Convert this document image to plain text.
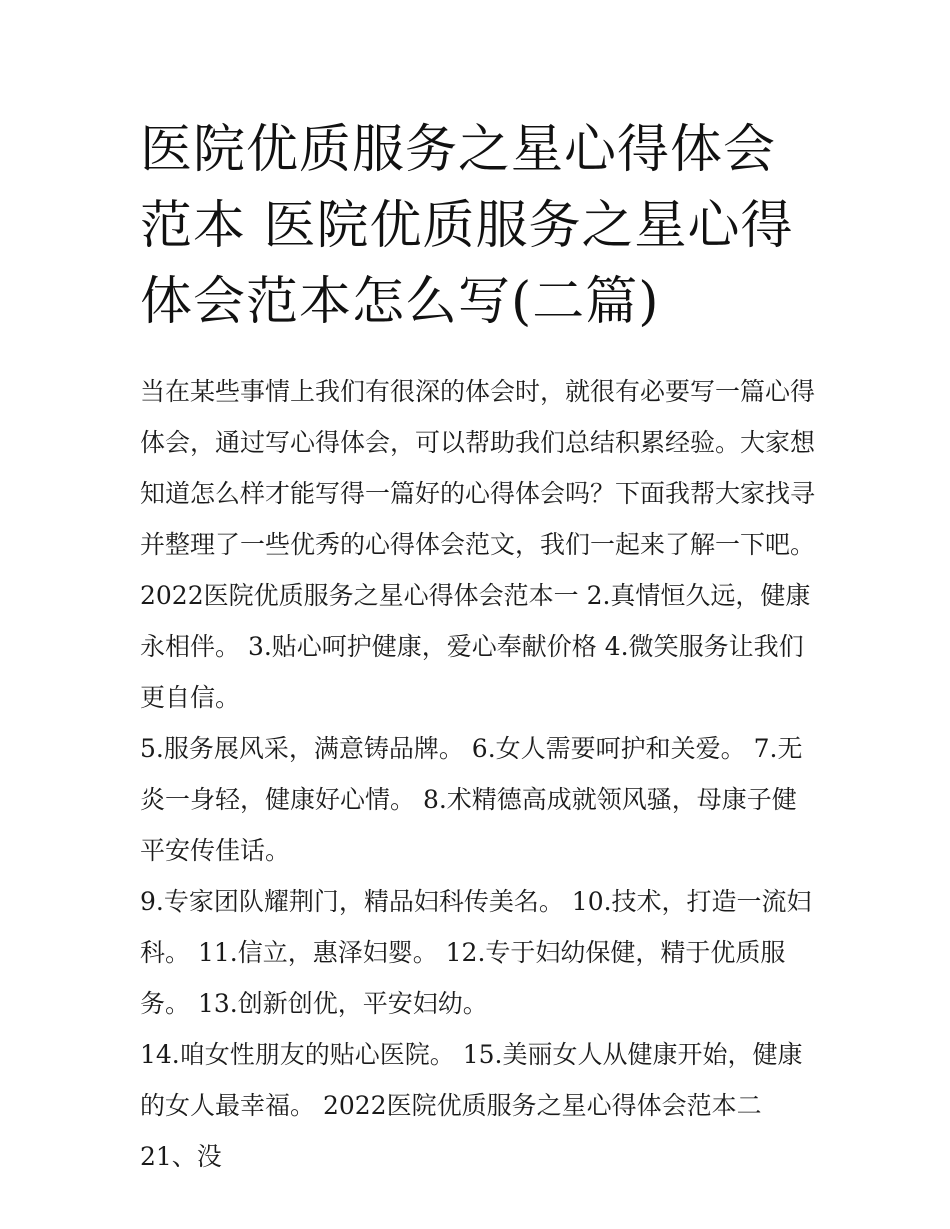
医院优质服务之星心得体会范本 医院优质服务之星心得体会范本怎么写(二篇)

当在某些事情上我们有很深的体会时，就很有必要写一篇心得体会，通过写心得体会，可以帮助我们总结积累经验。大家想知道怎么样才能写得一篇好的心得体会吗？下面我帮大家找寻并整理了一些优秀的心得体会范文，我们一起来了解一下吧。

2022医院优质服务之星心得体会范本一 2.真情恒久远，健康永相伴。 3.贴心呵护健康，爱心奉献价格 4.微笑服务让我们更自信。

5.服务展风采，满意铸品牌。 6.女人需要呵护和关爱。 7.无炎一身轻，健康好心情。 8.术精德高成就领风骚，母康子健平安传佳话。

9.专家团队耀荆门，精品妇科传美名。 10.技术，打造一流妇科。 11.信立，惠泽妇婴。 12.专于妇幼保健，精于优质服务。 13.创新创优，平安妇幼。

14.咱女性朋友的贴心医院。 15.美丽女人从健康开始，健康的女人最幸福。 2022医院优质服务之星心得体会范本二 21、没
